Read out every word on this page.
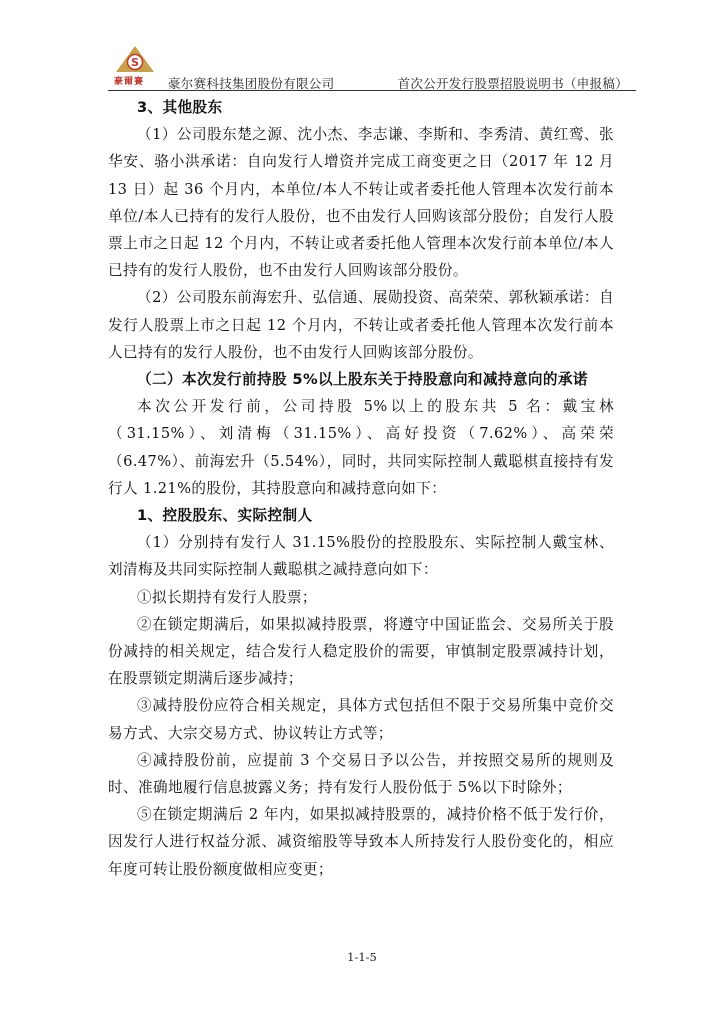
S
豪爾賽 豪尔赛科技集团股份有限公司	首次公开发行股票招股说明书（申报稿）

3、其他股东

（1）公司股东楚之源、沈小杰、李志谦、李斯和、李秀清、黄红鸾、张华安、骆小洪承诺：自向发行人增资并完成工商变更之日（2017 年 12 月 13 日）起 36 个月内，本单位/本人不转让或者委托他人管理本次发行前本单位/本人已持有的发行人股份，也不由发行人回购该部分股份；自发行人股票上市之日起 12 个月内，不转让或者委托他人管理本次发行前本单位/本人已持有的发行人股份，也不由发行人回购该部分股份。

（2）公司股东前海宏升、弘信通、展勋投资、高荣荣、郭秋颖承诺：自发行人股票上市之日起 12 个月内，不转让或者委托他人管理本次发行前本人已持有的发行人股份，也不由发行人回购该部分股份。

（二）本次发行前持股 5%以上股东关于持股意向和减持意向的承诺

本次公开发行前，公司持股 5%以上的股东共 5 名：戴宝林（31.15%）、刘清梅（31.15%）、高好投资（7.62%）、高荣荣（6.47%）、前海宏升（5.54%），同时，共同实际控制人戴聪棋直接持有发行人 1.21%的股份，其持股意向和减持意向如下：

1、控股股东、实际控制人

（1）分别持有发行人 31.15%股份的控股股东、实际控制人戴宝林、刘清梅及共同实际控制人戴聪棋之减持意向如下：

①拟长期持有发行人股票；

②在锁定期满后，如果拟减持股票，将遵守中国证监会、交易所关于股份减持的相关规定，结合发行人稳定股价的需要，审慎制定股票减持计划，在股票锁定期满后逐步减持；

③减持股份应符合相关规定，具体方式包括但不限于交易所集中竞价交易方式、大宗交易方式、协议转让方式等；

④减持股份前，应提前 3 个交易日予以公告，并按照交易所的规则及时、准确地履行信息披露义务；持有发行人股份低于 5%以下时除外；

⑤在锁定期满后 2 年内，如果拟减持股票的，减持价格不低于发行价，因发行人进行权益分派、减资缩股等导致本人所持发行人股份变化的，相应年度可转让股份额度做相应变更；

1-1-5
